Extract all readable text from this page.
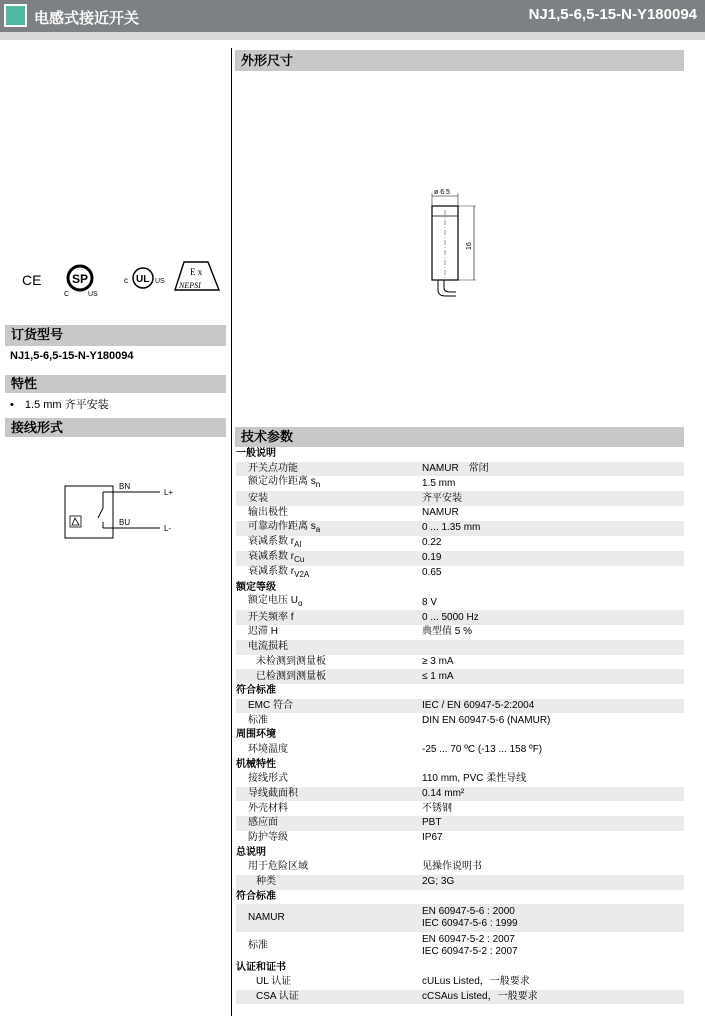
电感式接近开关	NJ1,5-6,5-15-N-Y180094
CE	SP
C	US
c UL US
E x
NEPSI
订货型号
NJ1,5-6,5-15-N-Y180094
特性
• 1.5 mm 齐平安装
接线形式
BN
BU
L+
L-
外形尺寸
ø 6.5
16
技术参数
一般说明	
开关点功能	NAMUR　常闭

额定动作距离 $s_n$	1.5 mm

安装	齐平安装

输出极性	NAMUR

可靠动作距离 $s_a$	0 ... 1.35 mm

衰减系数 $r_{Al}$	0.22

衰减系数 $r_{Cu}$	0.19

衰减系数 $r_{V2A}$	0.65

额定等级	
额定电压 $U_o$	8 V

开关频率 f	0 ... 5000 Hz

迟滞 H	典型值 5 %

电流损耗	

未检测到测量板	≥ 3 mA

已检测到测量板	≤ 1 mA

符合标准	
EMC 符合	IEC / EN 60947-5-2:2004

标准	DIN EN 60947-5-6 (NAMUR)

周围环境	
环境温度	-25 ... 70 ºC (-13 ... 158 ºF)

机械特性	
接线形式	110 mm, PVC 柔性导线

导线截面积	0.14 mm²

外壳材料	不锈钢

感应面	PBT

防护等级	IP67

总说明	
用于危险区域	见操作说明书

种类	2G; 3G

符合标准	
NAMUR	EN 60947-5-6 : 2000
IEC 60947-5-6 : 1999

标准	EN 60947-5-2 : 2007
IEC 60947-5-2 : 2007

认证和证书	
UL 认证	cULus Listed，一般要求

CSA 认证	cCSAus Listed，一般要求
